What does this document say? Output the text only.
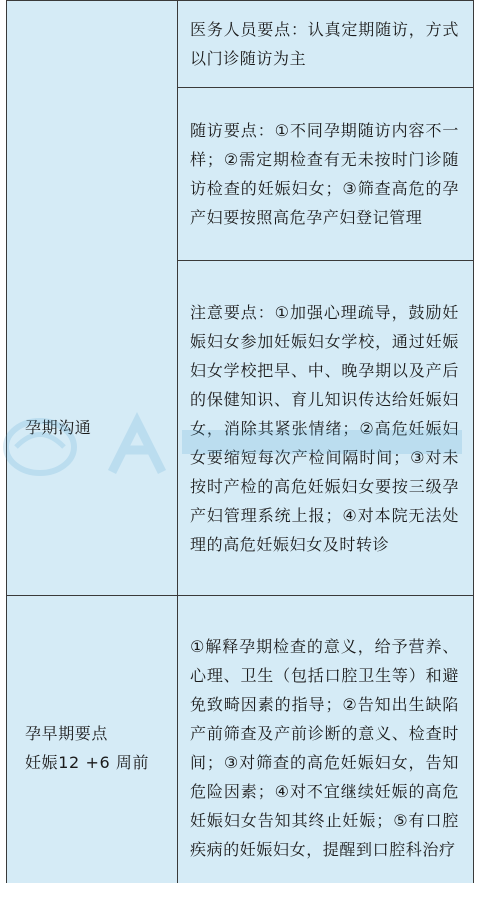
	医务人员要点：认真定期随访，方式以门诊随访为主
	随访要点：①不同孕期随访内容不一样；②需定期检查有无未按时门诊随访检查的妊娠妇女；③筛查高危的孕产妇要按照高危孕产妇登记管理
孕期沟通	注意要点：①加强心理疏导，鼓励妊娠妇女参加妊娠妇女学校，通过妊娠妇女学校把早、中、晚孕期以及产后的保健知识、育儿知识传达给妊娠妇女，消除其紧张情绪；②高危妊娠妇女要缩短每次产检间隔时间；③对未按时产检的高危妊娠妇女要按三级孕产妇管理系统上报；④对本院无法处理的高危妊娠妇女及时转诊

孕早期要点
妊娠12 +6 周前	①解释孕期检查的意义，给予营养、心理、卫生（包括口腔卫生等）和避免致畸因素的指导；②告知出生缺陷产前筛查及产前诊断的意义、检查时间；③对筛查的高危妊娠妇女，告知危险因素；④对不宜继续妊娠的高危妊娠妇女告知其终止妊娠；⑤有口腔疾病的妊娠妇女，提醒到口腔科治疗
